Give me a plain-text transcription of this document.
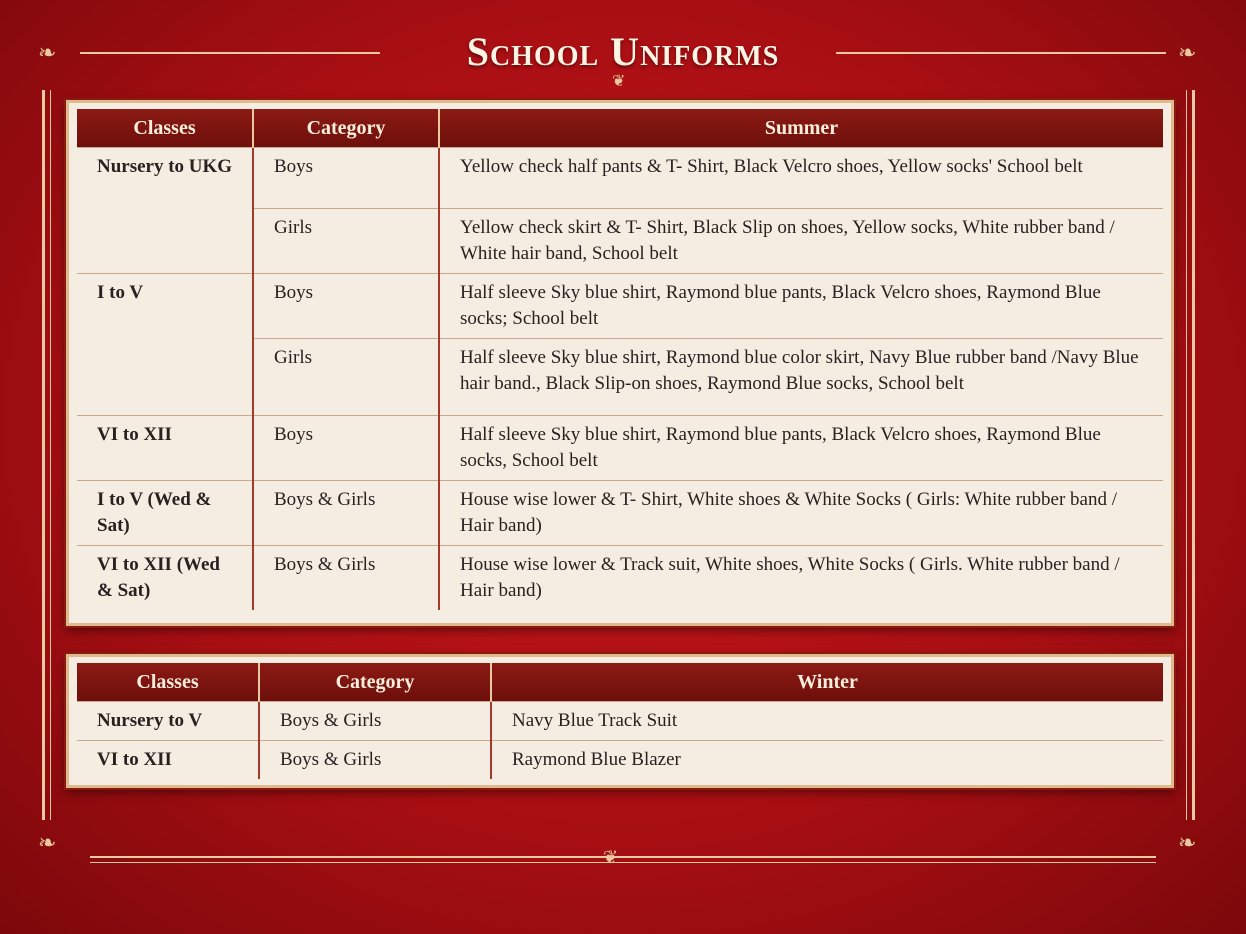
❧	❧
❧	❧
❦
School Uniforms
❦
Classes	Category	Summer
Nursery to UKG	Boys	Yellow check half pants & T- Shirt, Black Velcro shoes, Yellow socks' School belt
	Girls	Yellow check skirt & T- Shirt, Black Slip on shoes, Yellow socks, White rubber band / White hair band, School belt
I to V	Boys	Half sleeve Sky blue shirt, Raymond blue pants, Black Velcro shoes, Raymond Blue socks; School belt
	Girls	Half sleeve Sky blue shirt, Raymond blue color skirt, Navy Blue rubber band /Navy Blue hair band., Black Slip-on shoes, Raymond Blue socks, School belt
VI to XII	Boys	Half sleeve Sky blue shirt, Raymond blue pants, Black Velcro shoes, Raymond Blue socks, School belt
I to V (Wed & Sat)	Boys & Girls	House wise lower & T- Shirt, White shoes & White Socks ( Girls: White rubber band / Hair band)
VI to XII (Wed & Sat)	Boys & Girls	House wise lower & Track suit, White shoes, White Socks ( Girls. White rubber band / Hair band)
Classes	Category	Winter
Nursery to V	Boys & Girls	Navy Blue Track Suit
VI to XII	Boys & Girls	Raymond Blue Blazer
